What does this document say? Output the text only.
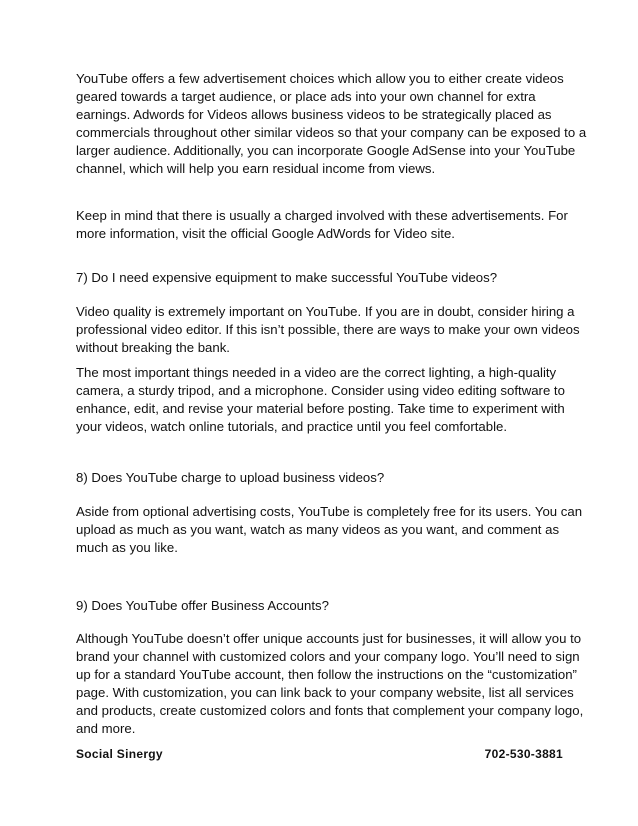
YouTube offers a few advertisement choices which allow you to either create videos
geared towards a target audience, or place ads into your own channel for extra
earnings. Adwords for Videos allows business videos to be strategically placed as
commercials throughout other similar videos so that your company can be exposed to a
larger audience. Additionally, you can incorporate Google AdSense into your YouTube
channel, which will help you earn residual income from views.

Keep in mind that there is usually a charged involved with these advertisements. For
more information, visit the official Google AdWords for Video site.

7) Do I need expensive equipment to make successful YouTube videos?

Video quality is extremely important on YouTube. If you are in doubt, consider hiring a
professional video editor. If this isn’t possible, there are ways to make your own videos
without breaking the bank.

The most important things needed in a video are the correct lighting, a high-quality
camera, a sturdy tripod, and a microphone. Consider using video editing software to
enhance, edit, and revise your material before posting. Take time to experiment with
your videos, watch online tutorials, and practice until you feel comfortable.

8) Does YouTube charge to upload business videos?

Aside from optional advertising costs, YouTube is completely free for its users. You can
upload as much as you want, watch as many videos as you want, and comment as
much as you like.

9) Does YouTube offer Business Accounts?

Although YouTube doesn’t offer unique accounts just for businesses, it will allow you to
brand your channel with customized colors and your company logo. You’ll need to sign
up for a standard YouTube account, then follow the instructions on the “customization”
page. With customization, you can link back to your company website, list all services
and products, create customized colors and fonts that complement your company logo,
and more.

Social Sinergy	702-530-3881
